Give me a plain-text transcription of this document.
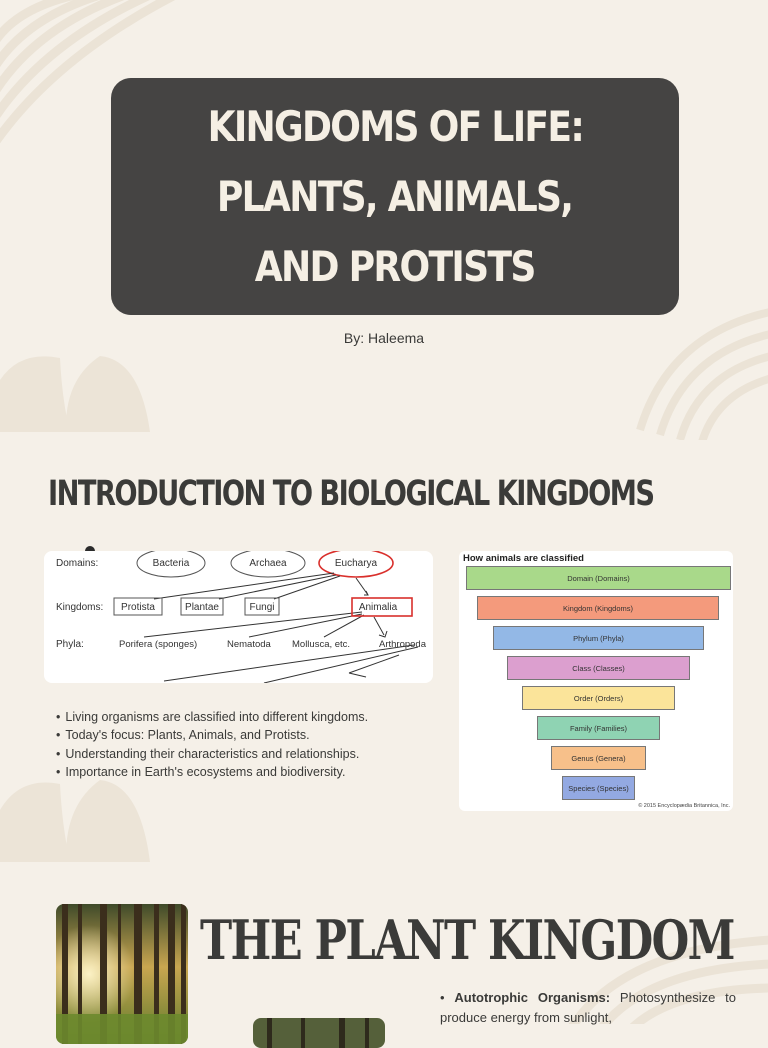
KINGDOMS OF LIFE:
PLANTS, ANIMALS,
AND PROTISTS
By: Haleema
INTRODUCTION TO BIOLOGICAL KINGDOMS
Domains:
Kingdoms:
Phyla:
Bacteria	Archaea	Eucharya
Protista	Plantae	Fungi	Animalia
Porifera (sponges)	Nematoda Mollusca, etc.	Arthropoda
• Living organisms are classified into different kingdoms.
• Today's focus: Plants, Animals, and Protists.
• Understanding their characteristics and relationships.
• Importance in Earth's ecosystems and biodiversity.
How animals are classified
Domain (Domains)
Kingdom (Kingdoms)
Phylum (Phyla)
Class (Classes)
Order (Orders)
Family (Families)
Genus (Genera)
Species (Species)
© 2015 Encyclopædia Britannica, Inc.
THE PLANT KINGDOM
• Autotrophic Organisms: Photosynthesize to produce energy from sunlight,
